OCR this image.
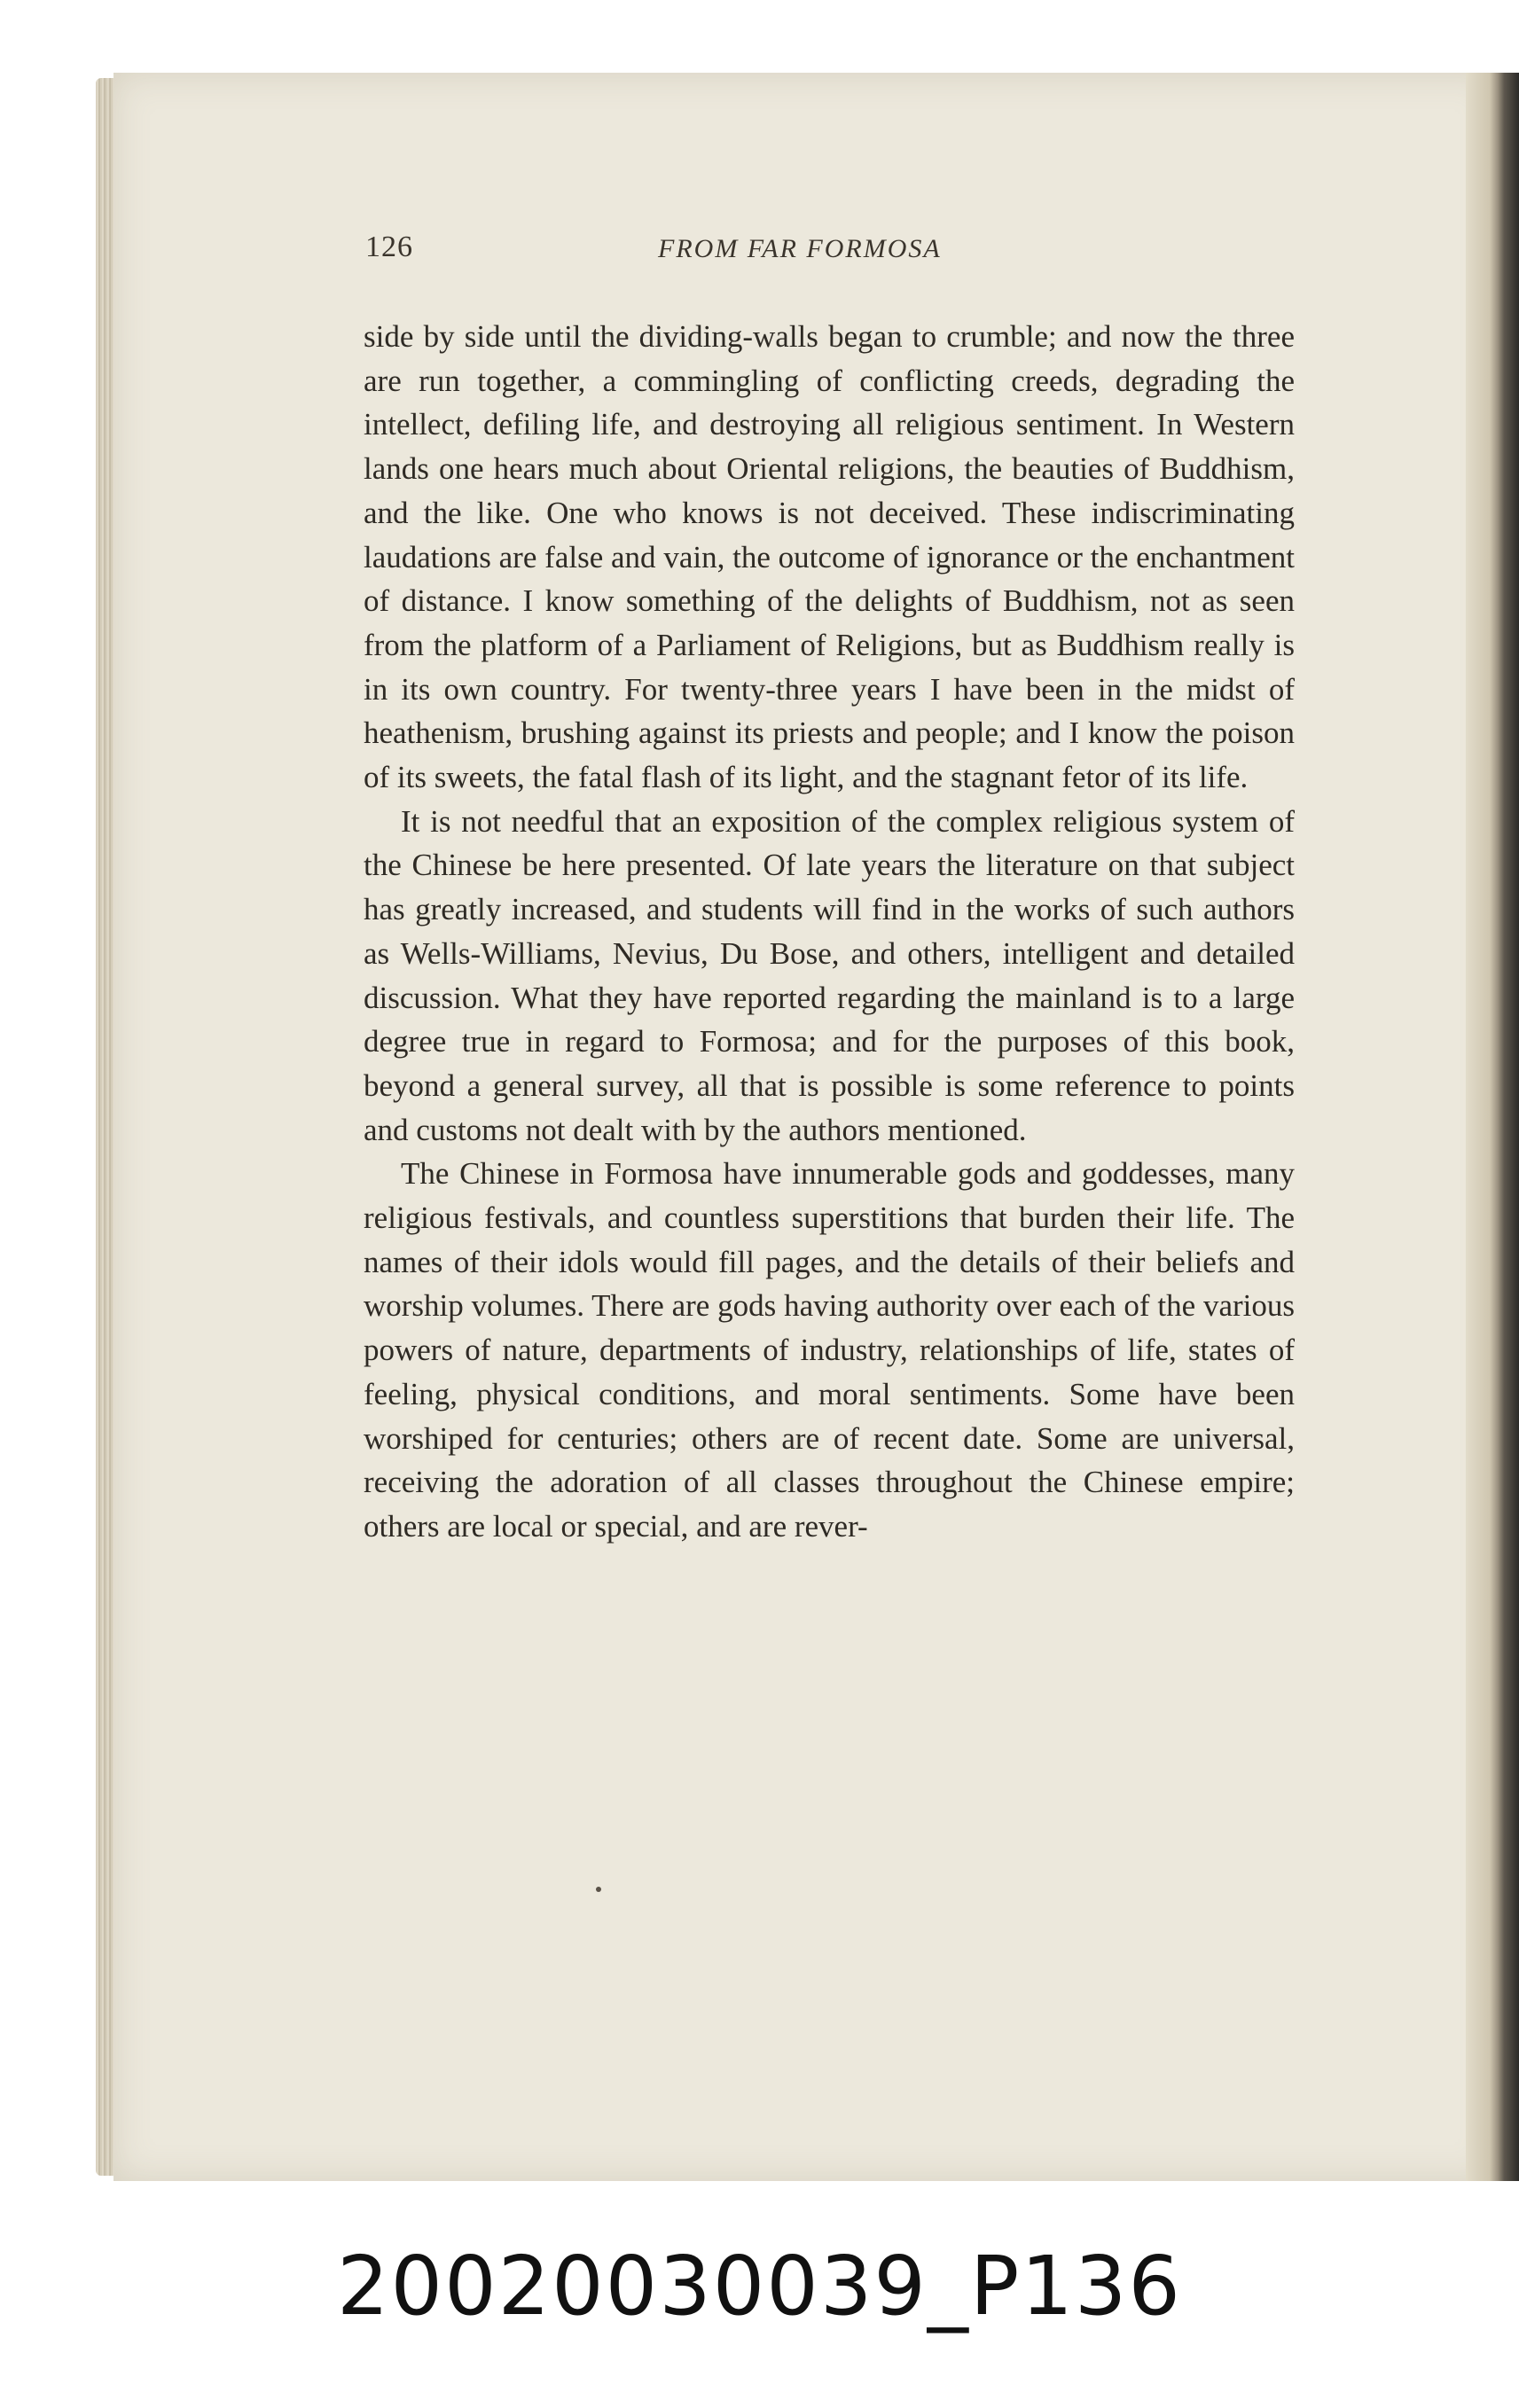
126	FROM FAR FORMOSA

side by side until the dividing-walls began to crumble; and now the three are run together, a commingling of conflicting creeds, degrading the intellect, defiling life, and destroying all religious sentiment. In Western lands one hears much about Oriental religions, the beauties of Buddhism, and the like. One who knows is not deceived. These indiscriminating laudations are false and vain, the outcome of ignorance or the enchantment of distance. I know something of the delights of Buddhism, not as seen from the platform of a Parliament of Religions, but as Buddhism really is in its own country. For twenty-three years I have been in the midst of heathenism, brushing against its priests and people; and I know the poison of its sweets, the fatal flash of its light, and the stagnant fetor of its life.

It is not needful that an exposition of the complex religious system of the Chinese be here presented. Of late years the literature on that subject has greatly increased, and students will find in the works of such authors as Wells-Williams, Nevius, Du Bose, and others, intelligent and detailed discussion. What they have reported regarding the mainland is to a large degree true in regard to Formosa; and for the purposes of this book, beyond a general survey, all that is possible is some reference to points and customs not dealt with by the authors mentioned.

The Chinese in Formosa have innumerable gods and goddesses, many religious festivals, and countless superstitions that burden their life. The names of their idols would fill pages, and the details of their beliefs and worship volumes. There are gods having authority over each of the various powers of nature, departments of industry, relationships of life, states of feeling, physical conditions, and moral sentiments. Some have been worshiped for centuries; others are of recent date. Some are universal, receiving the adoration of all classes throughout the Chinese empire; others are local or special, and are rever-

20020030039_P136
